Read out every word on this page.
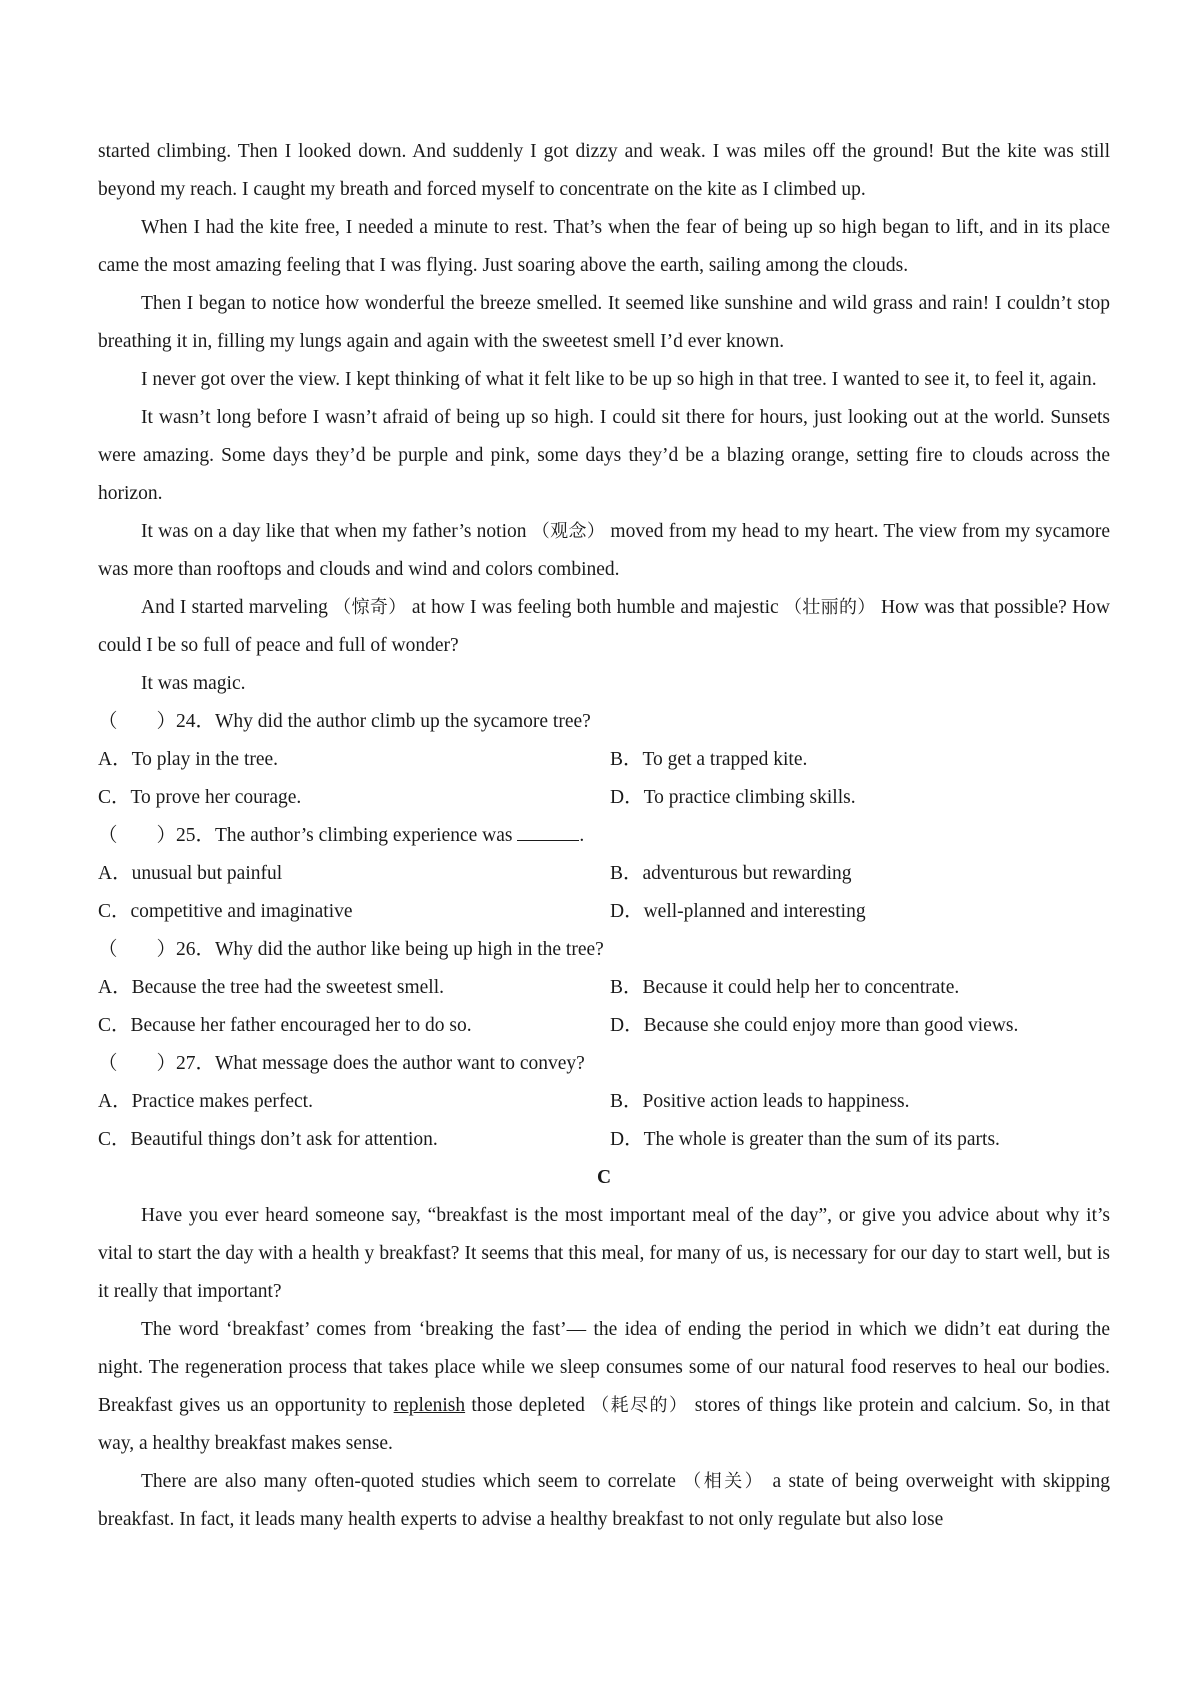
started climbing. Then I looked down. And suddenly I got dizzy and weak. I was miles off the ground! But the kite was still beyond my reach. I caught my breath and forced myself to concentrate on the kite as I climbed up.

When I had the kite free, I needed a minute to rest. That’s when the fear of being up so high began to lift, and in its place came the most amazing feeling that I was flying. Just soaring above the earth, sailing among the clouds.

Then I began to notice how wonderful the breeze smelled. It seemed like sunshine and wild grass and rain! I couldn’t stop breathing it in, filling my lungs again and again with the sweetest smell I’d ever known.

I never got over the view. I kept thinking of what it felt like to be up so high in that tree. I wanted to see it, to feel it, again.

It wasn’t long before I wasn’t afraid of being up so high. I could sit there for hours, just looking out at the world. Sunsets were amazing. Some days they’d be purple and pink, some days they’d be a blazing orange, setting fire to clouds across the horizon.

It was on a day like that when my father’s notion （观念） moved from my head to my heart. The view from my sycamore was more than rooftops and clouds and wind and colors combined.

And I started marveling （惊奇） at how I was feeling both humble and majestic （壮丽的） How was that possible? How could I be so full of peace and full of wonder?

It was magic.

（　　）24．Why did the author climb up the sycamore tree?

A．To play in the tree.	B．To get a trapped kite.
C．To prove her courage.	D．To practice climbing skills.

（　　）25．The author’s climbing experience was	.

A．unusual but painful	B．adventurous but rewarding
C．competitive and imaginative	D．well-planned and interesting

（　　）26．Why did the author like being up high in the tree?

A．Because the tree had the sweetest smell.	B．Because it could help her to concentrate.
C．Because her father encouraged her to do so.	D．Because she could enjoy more than good views.

（　　）27．What message does the author want to convey?

A．Practice makes perfect.	B．Positive action leads to happiness.
C．Beautiful things don’t ask for attention.	D．The whole is greater than the sum of its parts.

C

Have you ever heard someone say, “breakfast is the most important meal of the day”, or give you advice about why it’s vital to start the day with a health y breakfast? It seems that this meal, for many of us, is necessary for our day to start well, but is it really that important?

The word ‘breakfast’ comes from ‘breaking the fast’— the idea of ending the period in which we didn’t eat during the night. The regeneration process that takes place while we sleep consumes some of our natural food reserves to heal our bodies. Breakfast gives us an opportunity to replenish those depleted （耗尽的） stores of things like protein and calcium. So, in that way, a healthy breakfast makes sense.

There are also many often-quoted studies which seem to correlate （相关） a state of being overweight with skipping breakfast. In fact, it leads many health experts to advise a healthy breakfast to not only regulate but also lose
